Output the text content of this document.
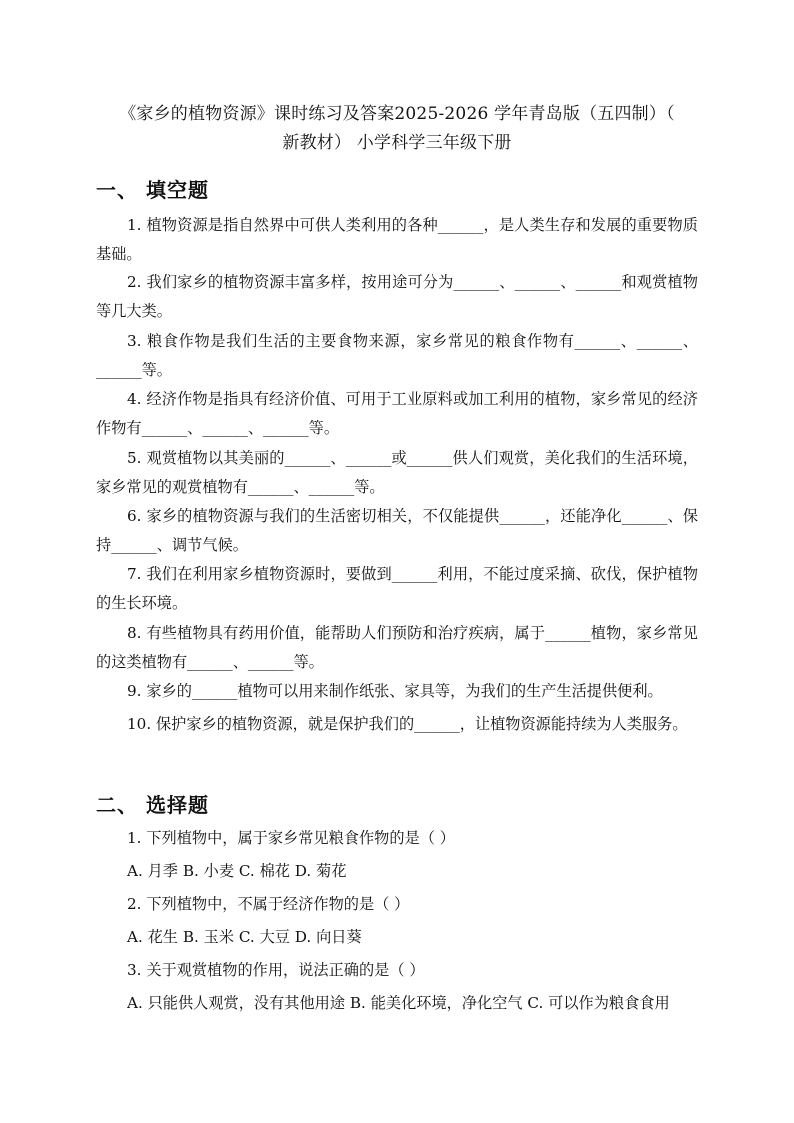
《家乡的植物资源》课时练习及答案2025-2026 学年青岛版（五四制）（
新教材） 小学科学三年级下册
一、 填空题
1. 植物资源是指自然界中可供人类利用的各种______，是人类生存和发展的重要物质基础。
2. 我们家乡的植物资源丰富多样，按用途可分为______、______、______和观赏植物等几大类。
3. 粮食作物是我们生活的主要食物来源，家乡常见的粮食作物有______、______、______等。
4. 经济作物是指具有经济价值、可用于工业原料或加工利用的植物，家乡常见的经济作物有______、______、______等。
5. 观赏植物以其美丽的______、______或______供人们观赏，美化我们的生活环境，家乡常见的观赏植物有______、______等。
6. 家乡的植物资源与我们的生活密切相关，不仅能提供______，还能净化______、保持______、调节气候。
7. 我们在利用家乡植物资源时，要做到______利用，不能过度采摘、砍伐，保护植物的生长环境。
8. 有些植物具有药用价值，能帮助人们预防和治疗疾病，属于______植物，家乡常见的这类植物有______、______等。
9. 家乡的______植物可以用来制作纸张、家具等，为我们的生产生活提供便利。
10. 保护家乡的植物资源，就是保护我们的______，让植物资源能持续为人类服务。
二、 选择题
1. 下列植物中，属于家乡常见粮食作物的是（ ）
A. 月季 B. 小麦 C. 棉花 D. 菊花
2. 下列植物中，不属于经济作物的是（ ）
A. 花生 B. 玉米 C. 大豆 D. 向日葵
3. 关于观赏植物的作用，说法正确的是（ ）
A. 只能供人观赏，没有其他用途 B. 能美化环境，净化空气 C. 可以作为粮食食用
